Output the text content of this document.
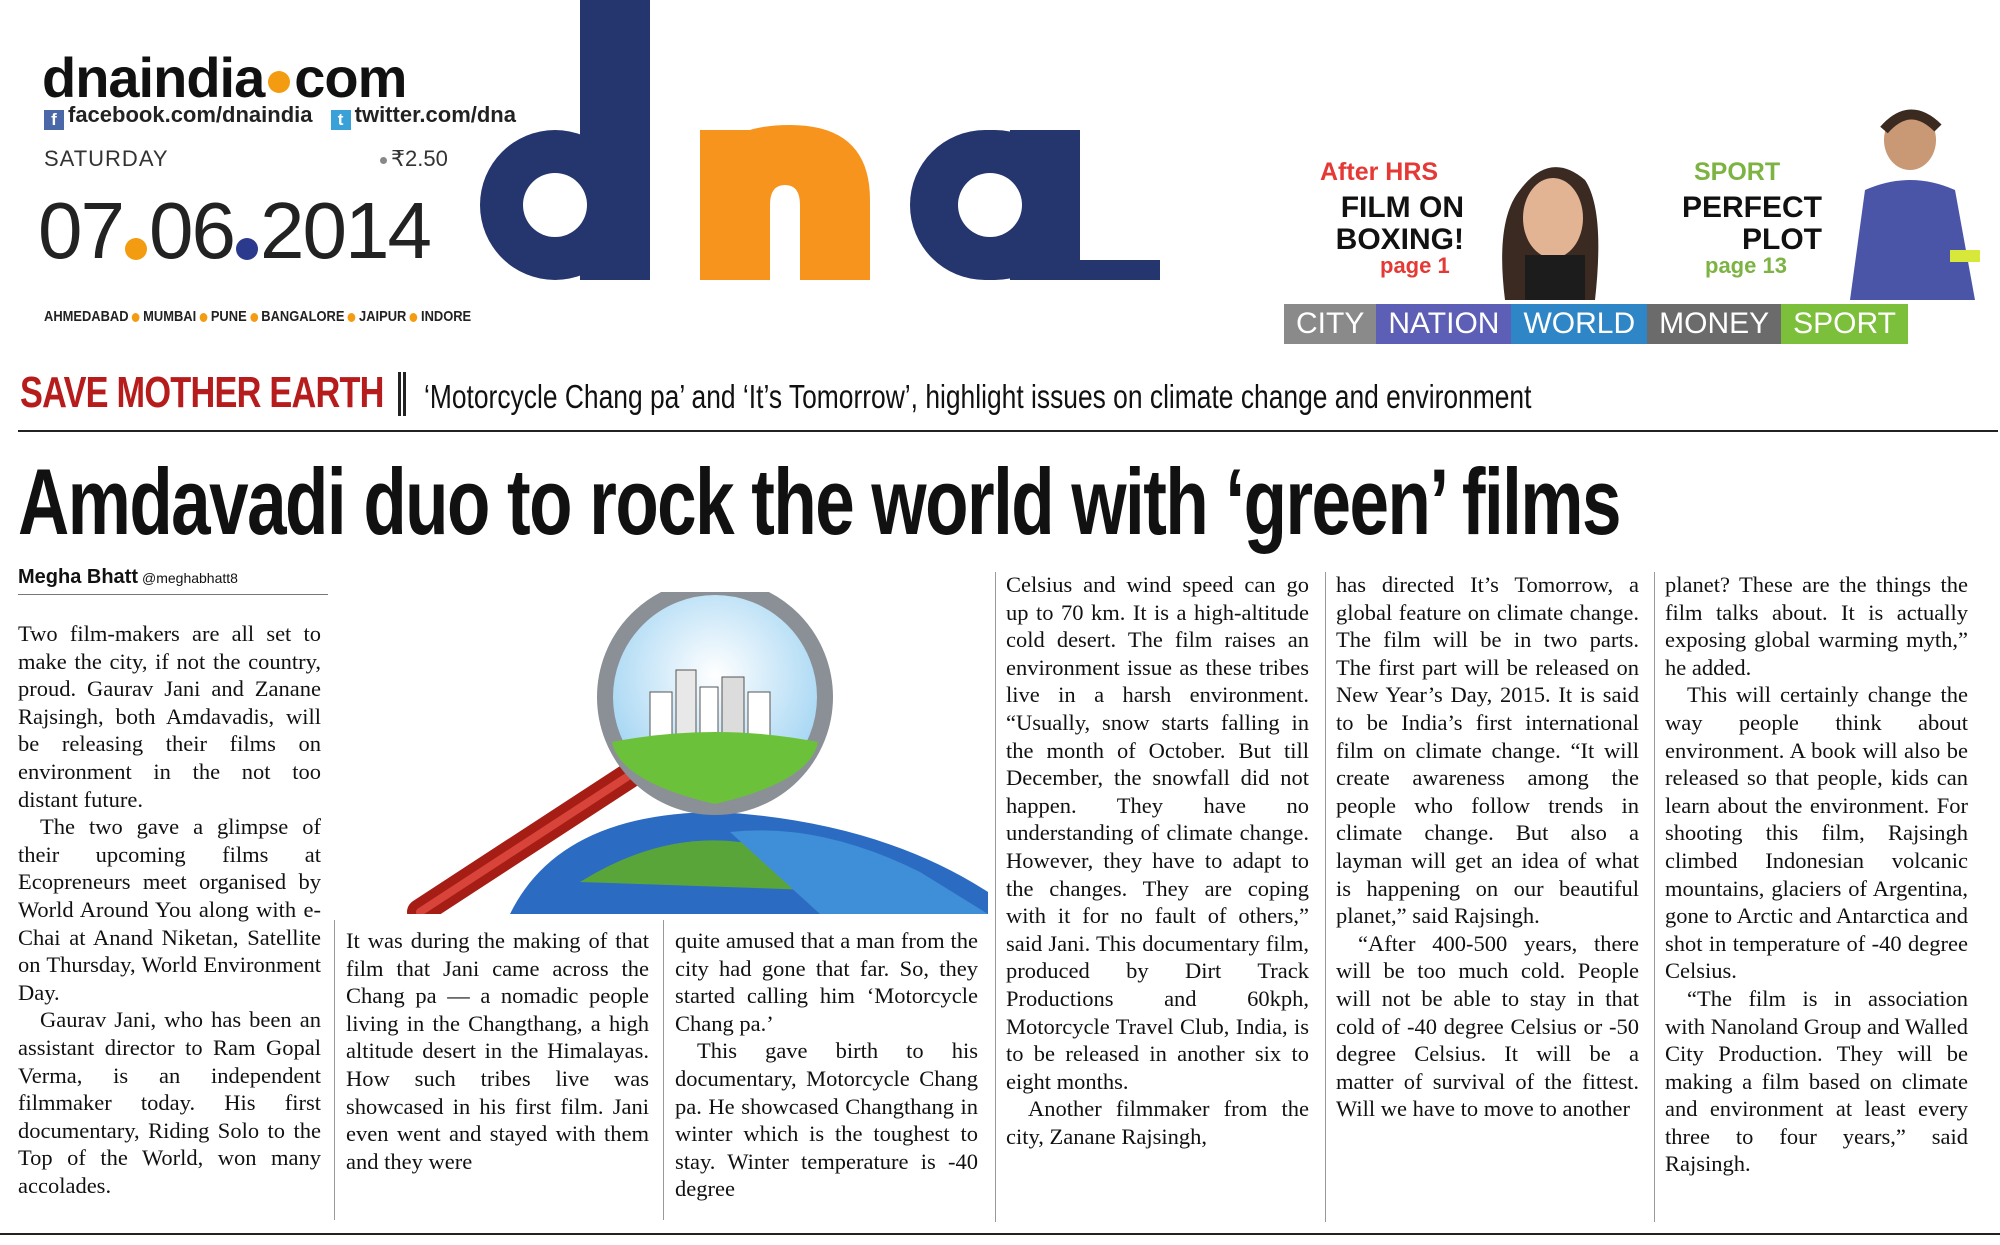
dnaindia com
f facebook.com/dnaindia t twitter.com/dna
SATURDAY	₹2.50
07 06 2014
AHMEDABAD MUMBAI PUNE BANGALORE JAIPUR INDORE
After HRS
FILM ON
BOXING!
page 1
SPORT
PERFECT
PLOT
page 13
CITY NATION WORLD MONEY SPORT
SAVE MOTHER EARTH ‘Motorcycle Chang pa’ and ‘It’s Tomorrow’, highlight issues on climate change and environment
Amdavadi duo to rock the world with ‘green’ films
Megha Bhatt @meghabhatt8

Two film-makers are all set to make the city, if not the country, proud. Gaurav Jani and Zanane Rajsingh, both Amdavadis, will be releasing their films on environment in the not too distant future.

The two gave a glimpse of their upcoming films at Ecopreneurs meet organised by World Around You along with e-Chai at Anand Niketan, Satellite on Thursday, World Environment Day.

Gaurav Jani, who has been an assistant director to Ram Gopal Verma, is an independent filmmaker today. His first documentary, Riding Solo to the Top of the World, won many accolades.

It was during the making of that film that Jani came across the Chang pa — a nomadic people living in the Changthang, a high altitude desert in the Himalayas. How such tribes live was showcased in his first film. Jani even went and stayed with them and they were

quite amused that a man from the city had gone that far. So, they started calling him ‘Motorcycle Chang pa.’

This gave birth to his documentary, Motorcycle Chang pa. He showcased Changthang in winter which is the toughest to stay. Winter temperature is -40 degree

Celsius and wind speed can go up to 70 km. It is a high-altitude cold desert. The film raises an environment issue as these tribes live in a harsh environment. “Usually, snow starts falling in the month of October. But till December, the snowfall did not happen. They have no understanding of climate change. However, they have to adapt to the changes. They are coping with it for no fault of others,” said Jani. This documentary film, produced by Dirt Track Productions and 60kph, Motorcycle Travel Club, India, is to be released in another six to eight months.

Another filmmaker from the city, Zanane Rajsingh,

has directed It’s Tomorrow, a global feature on climate change. The film will be in two parts. The first part will be released on New Year’s Day, 2015. It is said to be India’s first international film on climate change. “It will create awareness among the people who follow trends in climate change. But also a layman will get an idea of what is happening on our beautiful planet,” said Rajsingh.

“After 400-500 years, there will be too much cold. People will not be able to stay in that cold of -40 degree Celsius or -50 degree Celsius. It will be a matter of survival of the fittest. Will we have to move to another

planet? These are the things the film talks about. It is actually exposing global warming myth,” he added.

This will certainly change the way people think about environment. A book will also be released so that people, kids can learn about the environment. For shooting this film, Rajsingh climbed Indonesian volcanic mountains, glaciers of Argentina, gone to Arctic and Antarctica and shot in temperature of -40 degree Celsius.

“The film is in association with Nanoland Group and Walled City Production. They will be making a film based on climate and environment at least every three to four years,” said Rajsingh.
